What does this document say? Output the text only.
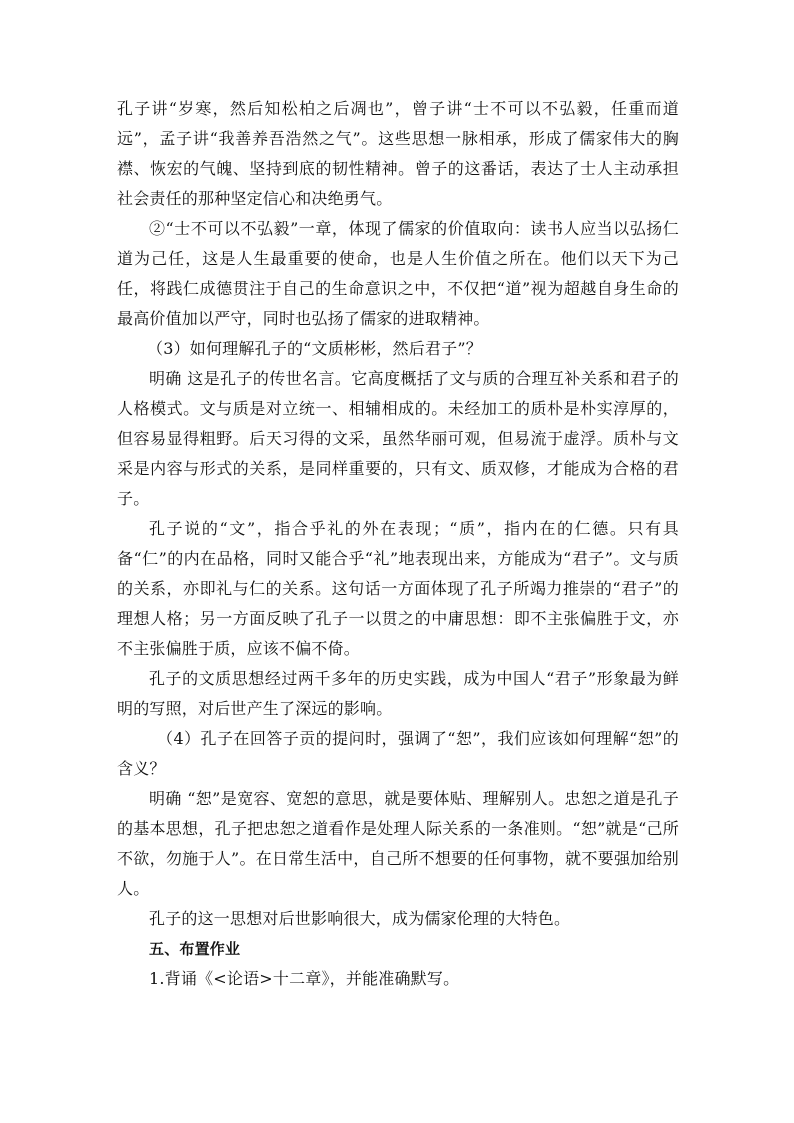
孔子讲“岁寒，然后知松柏之后凋也”，曾子讲“士不可以不弘毅，任重而道远”，孟子讲“我善养吾浩然之气”。这些思想一脉相承，形成了儒家伟大的胸襟、恢宏的气魄、坚持到底的韧性精神。曾子的这番话，表达了士人主动承担社会责任的那种坚定信心和决绝勇气。

②“士不可以不弘毅”一章，体现了儒家的价值取向：读书人应当以弘扬仁道为己任，这是人生最重要的使命，也是人生价值之所在。他们以天下为己任，将践仁成德贯注于自己的生命意识之中，不仅把“道”视为超越自身生命的最高价值加以严守，同时也弘扬了儒家的进取精神。

（3）如何理解孔子的“文质彬彬，然后君子”？

明确 这是孔子的传世名言。它高度概括了文与质的合理互补关系和君子的人格模式。文与质是对立统一、相辅相成的。未经加工的质朴是朴实淳厚的，但容易显得粗野。后天习得的文采，虽然华丽可观，但易流于虚浮。质朴与文采是内容与形式的关系，是同样重要的，只有文、质双修，才能成为合格的君子。

孔子说的“文”，指合乎礼的外在表现；“质”，指内在的仁德。只有具备“仁”的内在品格，同时又能合乎“礼”地表现出来，方能成为“君子”。文与质的关系，亦即礼与仁的关系。这句话一方面体现了孔子所竭力推崇的“君子”的理想人格；另一方面反映了孔子一以贯之的中庸思想：即不主张偏胜于文，亦不主张偏胜于质，应该不偏不倚。

孔子的文质思想经过两千多年的历史实践，成为中国人“君子”形象最为鲜明的写照，对后世产生了深远的影响。

（4）孔子在回答子贡的提问时，强调了“恕”，我们应该如何理解“恕”的含义？

明确 “恕”是宽容、宽恕的意思，就是要体贴、理解别人。忠恕之道是孔子的基本思想，孔子把忠恕之道看作是处理人际关系的一条准则。“恕”就是“己所不欲，勿施于人”。在日常生活中，自己所不想要的任何事物，就不要强加给别人。

孔子的这一思想对后世影响很大，成为儒家伦理的大特色。

五、布置作业

1.背诵《<论语>十二章》，并能准确默写。
